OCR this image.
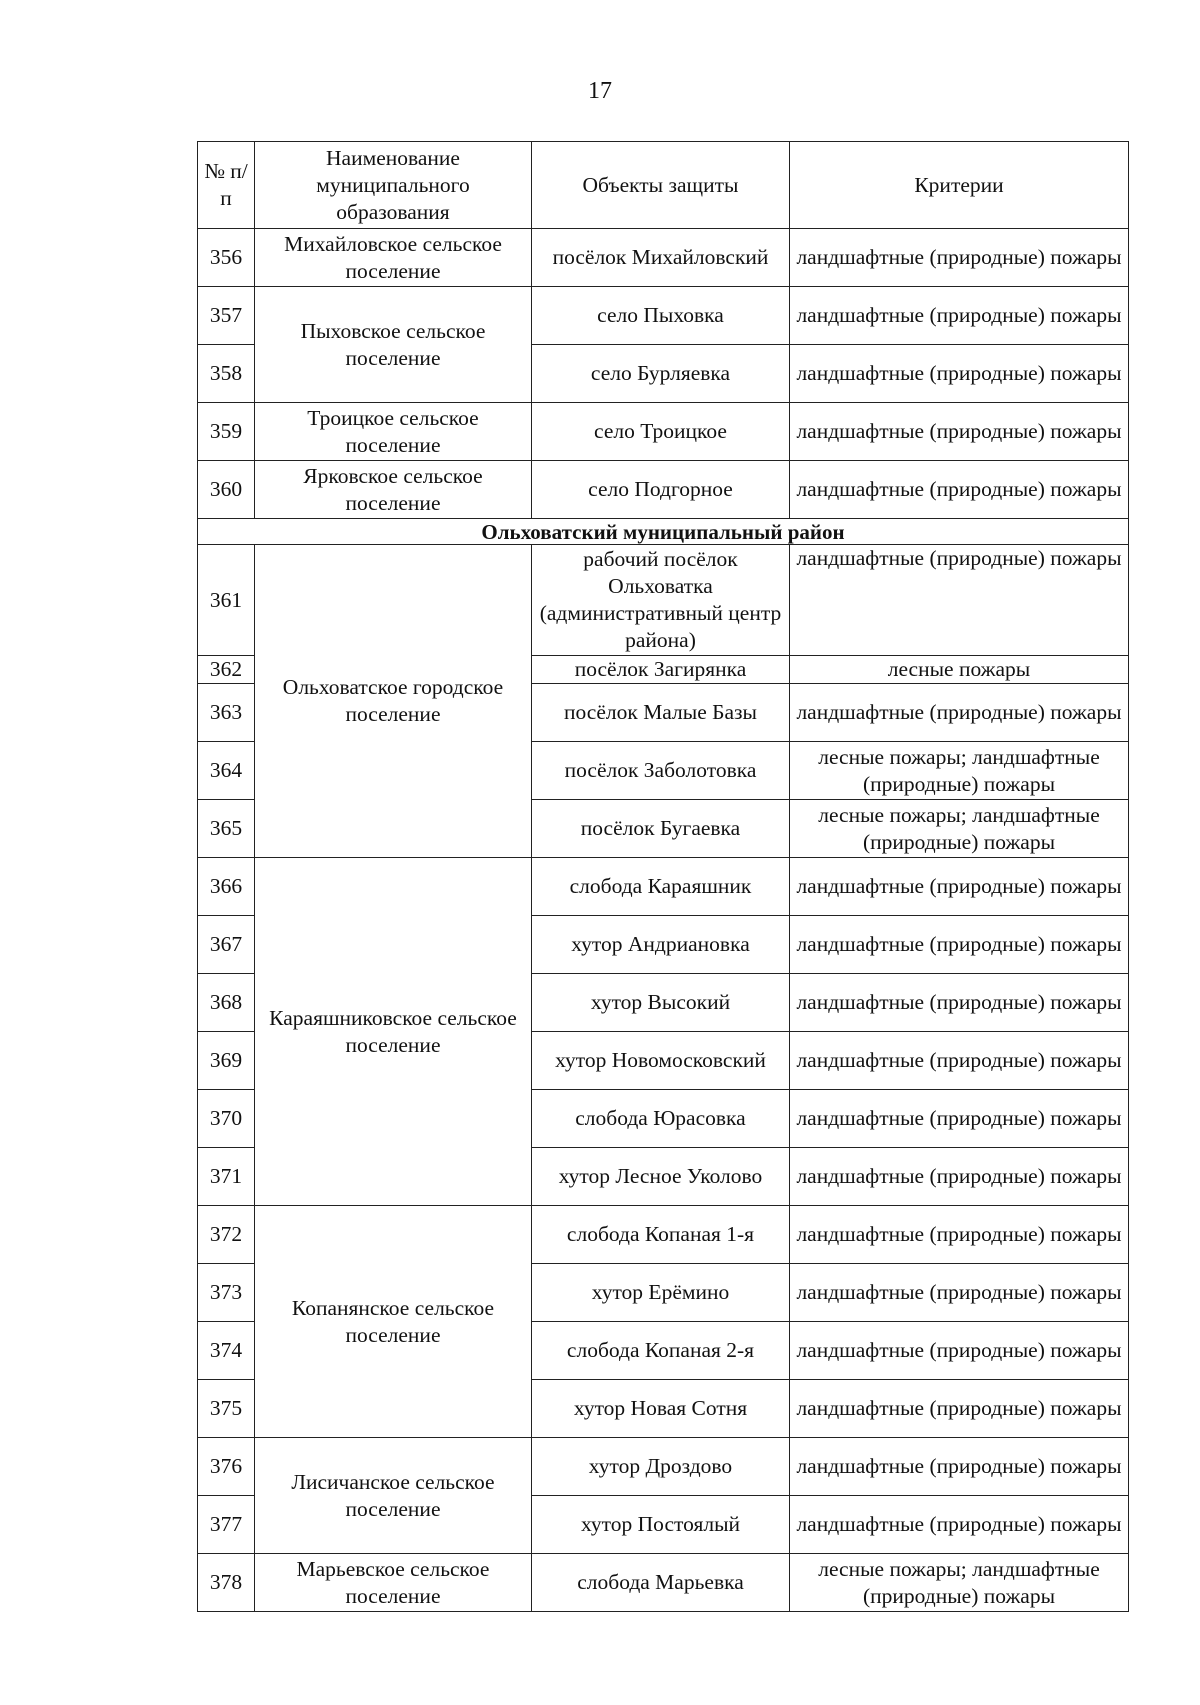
17
№ п/п	Наименование муниципального образования	Объекты защиты	Критерии
356	Михайловское сельское поселение	посёлок Михайловский	ландшафтные (природные) пожары
357	Пыховское сельское поселение	село Пыховка	ландшафтные (природные) пожары
358		село Бурляевка	ландшафтные (природные) пожары
359	Троицкое сельское поселение	село Троицкое	ландшафтные (природные) пожары
360	Ярковское сельское поселение	село Подгорное	ландшафтные (природные) пожары
Ольховатский муниципальный район			
361	Ольховатское городское поселение	рабочий посёлок Ольховатка (административный центр района)	ландшафтные (природные) пожары
362		посёлок Загирянка	лесные пожары
363		посёлок Малые Базы	ландшафтные (природные) пожары
364		посёлок Заболотовка	лесные пожары; ландшафтные (природные) пожары
365		посёлок Бугаевка	лесные пожары; ландшафтные (природные) пожары
366	Караяшниковское сельское поселение	слобода Караяшник	ландшафтные (природные) пожары
367		хутор Андриановка	ландшафтные (природные) пожары
368		хутор Высокий	ландшафтные (природные) пожары
369		хутор Новомосковский	ландшафтные (природные) пожары
370		слобода Юрасовка	ландшафтные (природные) пожары
371		хутор Лесное Уколово	ландшафтные (природные) пожары
372	Копанянское сельское поселение	слобода Копаная 1-я	ландшафтные (природные) пожары
373		хутор Ерёмино	ландшафтные (природные) пожары
374		слобода Копаная 2-я	ландшафтные (природные) пожары
375		хутор Новая Сотня	ландшафтные (природные) пожары
376	Лисичанское сельское поселение	хутор Дроздово	ландшафтные (природные) пожары
377		хутор Постоялый	ландшафтные (природные) пожары
378	Марьевское сельское поселение	слобода Марьевка	лесные пожары; ландшафтные (природные) пожары
